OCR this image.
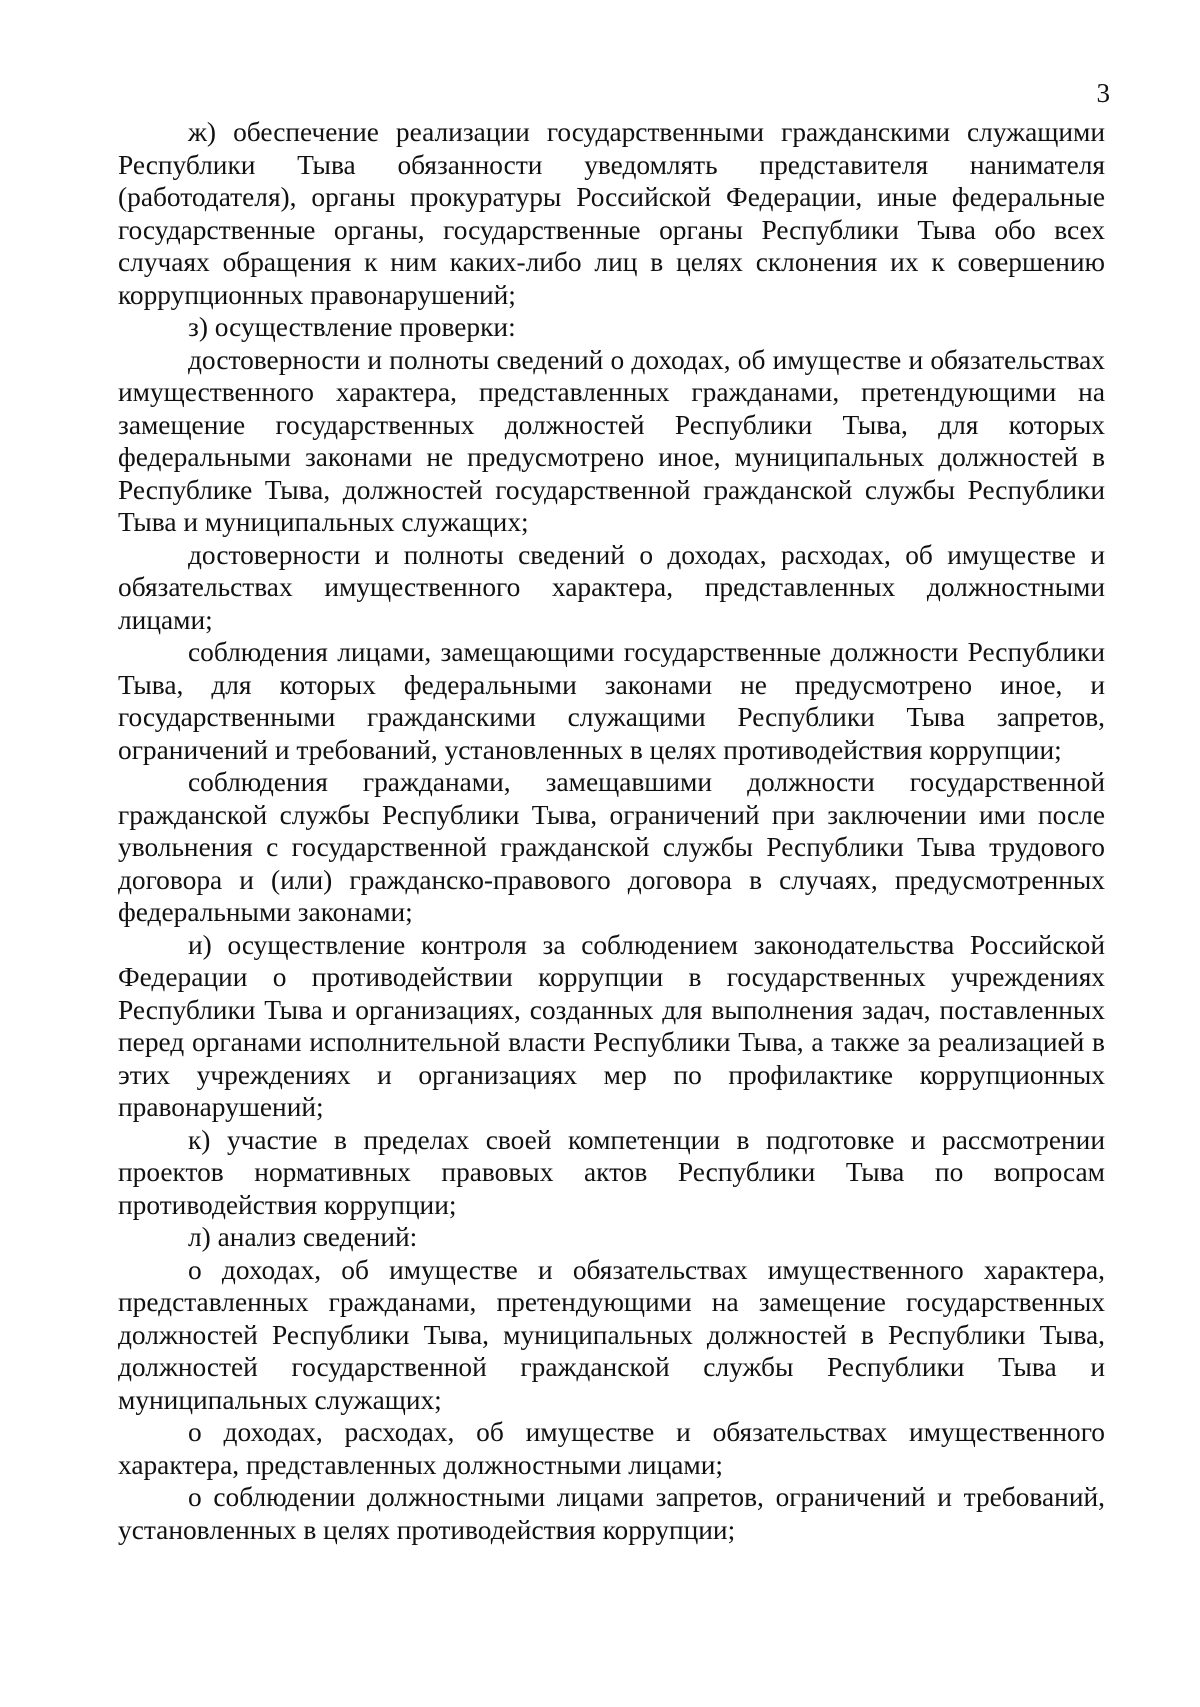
3

ж) обеспечение реализации государственными гражданскими служащими Республики Тыва обязанности уведомлять представителя нанимателя (работодателя), органы прокуратуры Российской Федерации, иные федеральные государственные органы, государственные органы Республики Тыва обо всех случаях обращения к ним каких-либо лиц в целях склонения их к совершению коррупционных правонарушений;

з) осуществление проверки:

достоверности и полноты сведений о доходах, об имуществе и обязательствах имущественного характера, представленных гражданами, претендующими на замещение государственных должностей Республики Тыва, для которых федеральными законами не предусмотрено иное, муниципальных должностей в Республике Тыва, должностей государственной гражданской службы Республики Тыва и муниципальных служащих;

достоверности и полноты сведений о доходах, расходах, об имуществе и обязательствах имущественного характера, представленных должностными лицами;

соблюдения лицами, замещающими государственные должности Республики Тыва, для которых федеральными законами не предусмотрено иное, и государственными гражданскими служащими Республики Тыва запретов, ограничений и требований, установленных в целях противодействия коррупции;

соблюдения гражданами, замещавшими должности государственной гражданской службы Республики Тыва, ограничений при заключении ими после увольнения с государственной гражданской службы Республики Тыва трудового договора и (или) гражданско-правового договора в случаях, предусмотренных федеральными законами;

и) осуществление контроля за соблюдением законодательства Российской Федерации о противодействии коррупции в государственных учреждениях Республики Тыва и организациях, созданных для выполнения задач, поставленных перед органами исполнительной власти Республики Тыва, а также за реализацией в этих учреждениях и организациях мер по профилактике коррупционных правонарушений;

к) участие в пределах своей компетенции в подготовке и рассмотрении проектов нормативных правовых актов Республики Тыва по вопросам противодействия коррупции;

л) анализ сведений:

о доходах, об имуществе и обязательствах имущественного характера, представленных гражданами, претендующими на замещение государственных должностей Республики Тыва, муниципальных должностей в Республики Тыва, должностей государственной гражданской службы Республики Тыва и муниципальных служащих;

о доходах, расходах, об имуществе и обязательствах имущественного характера, представленных должностными лицами;

о соблюдении должностными лицами запретов, ограничений и требований, установленных в целях противодействия коррупции;
